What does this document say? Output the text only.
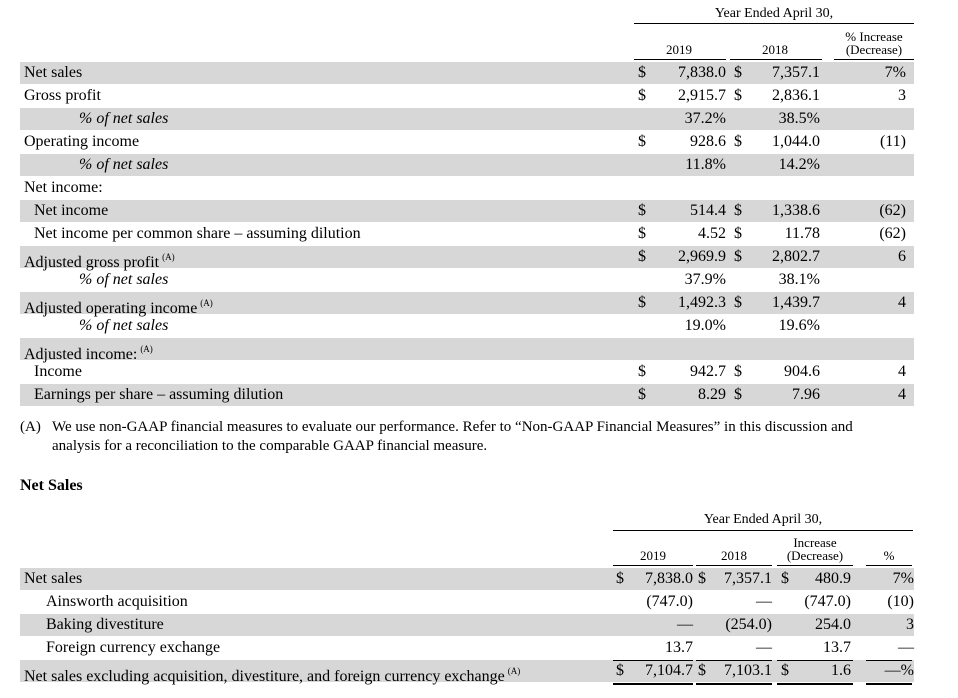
Year Ended April 30,
% Increase
(Decrease)
2019	2018
Net sales	$	7,838.0 $	7,357.1	7%
Gross profit	$	2,915.7 $	2,836.1	3
% of net sales	37.2%	38.5%
Operating income	$	928.6 $	1,044.0	(11)
% of net sales	11.8%	14.2%
Net income:
Net income	$	514.4 $	1,338.6	(62)
Net income per common share – assuming dilution	$	4.52 $	11.78	(62)
Adjusted gross profit $^{(A)}$	$	2,969.9 $	2,802.7	6
% of net sales	37.9%	38.1%
Adjusted operating income $^{(A)}$	$	1,492.3 $	1,439.7	4
% of net sales	19.0%	19.6%
Adjusted income: $^{(A)}$
Income	$	942.7 $	904.6	4
Earnings per share – assuming dilution	$	8.29 $	7.96	4
(A) We use non-GAAP financial measures to evaluate our performance. Refer to “Non-GAAP Financial Measures” in this discussion and
analysis for a reconciliation to the comparable GAAP financial measure.
Net Sales
Year Ended April 30,
Increase
(Decrease)
2019	2018	%
Net sales	$	7,838.0 $	7,357.1 $	480.9	7%
Ainsworth acquisition	(747.0)	—	(747.0)	(10)
Baking divestiture	—	(254.0)	254.0	3
Foreign currency exchange	13.7	—	13.7	—
Net sales excluding acquisition, divestiture, and foreign currency exchange $^{(A)}$	$	7,104.7 $	7,103.1 $	1.6	—%
